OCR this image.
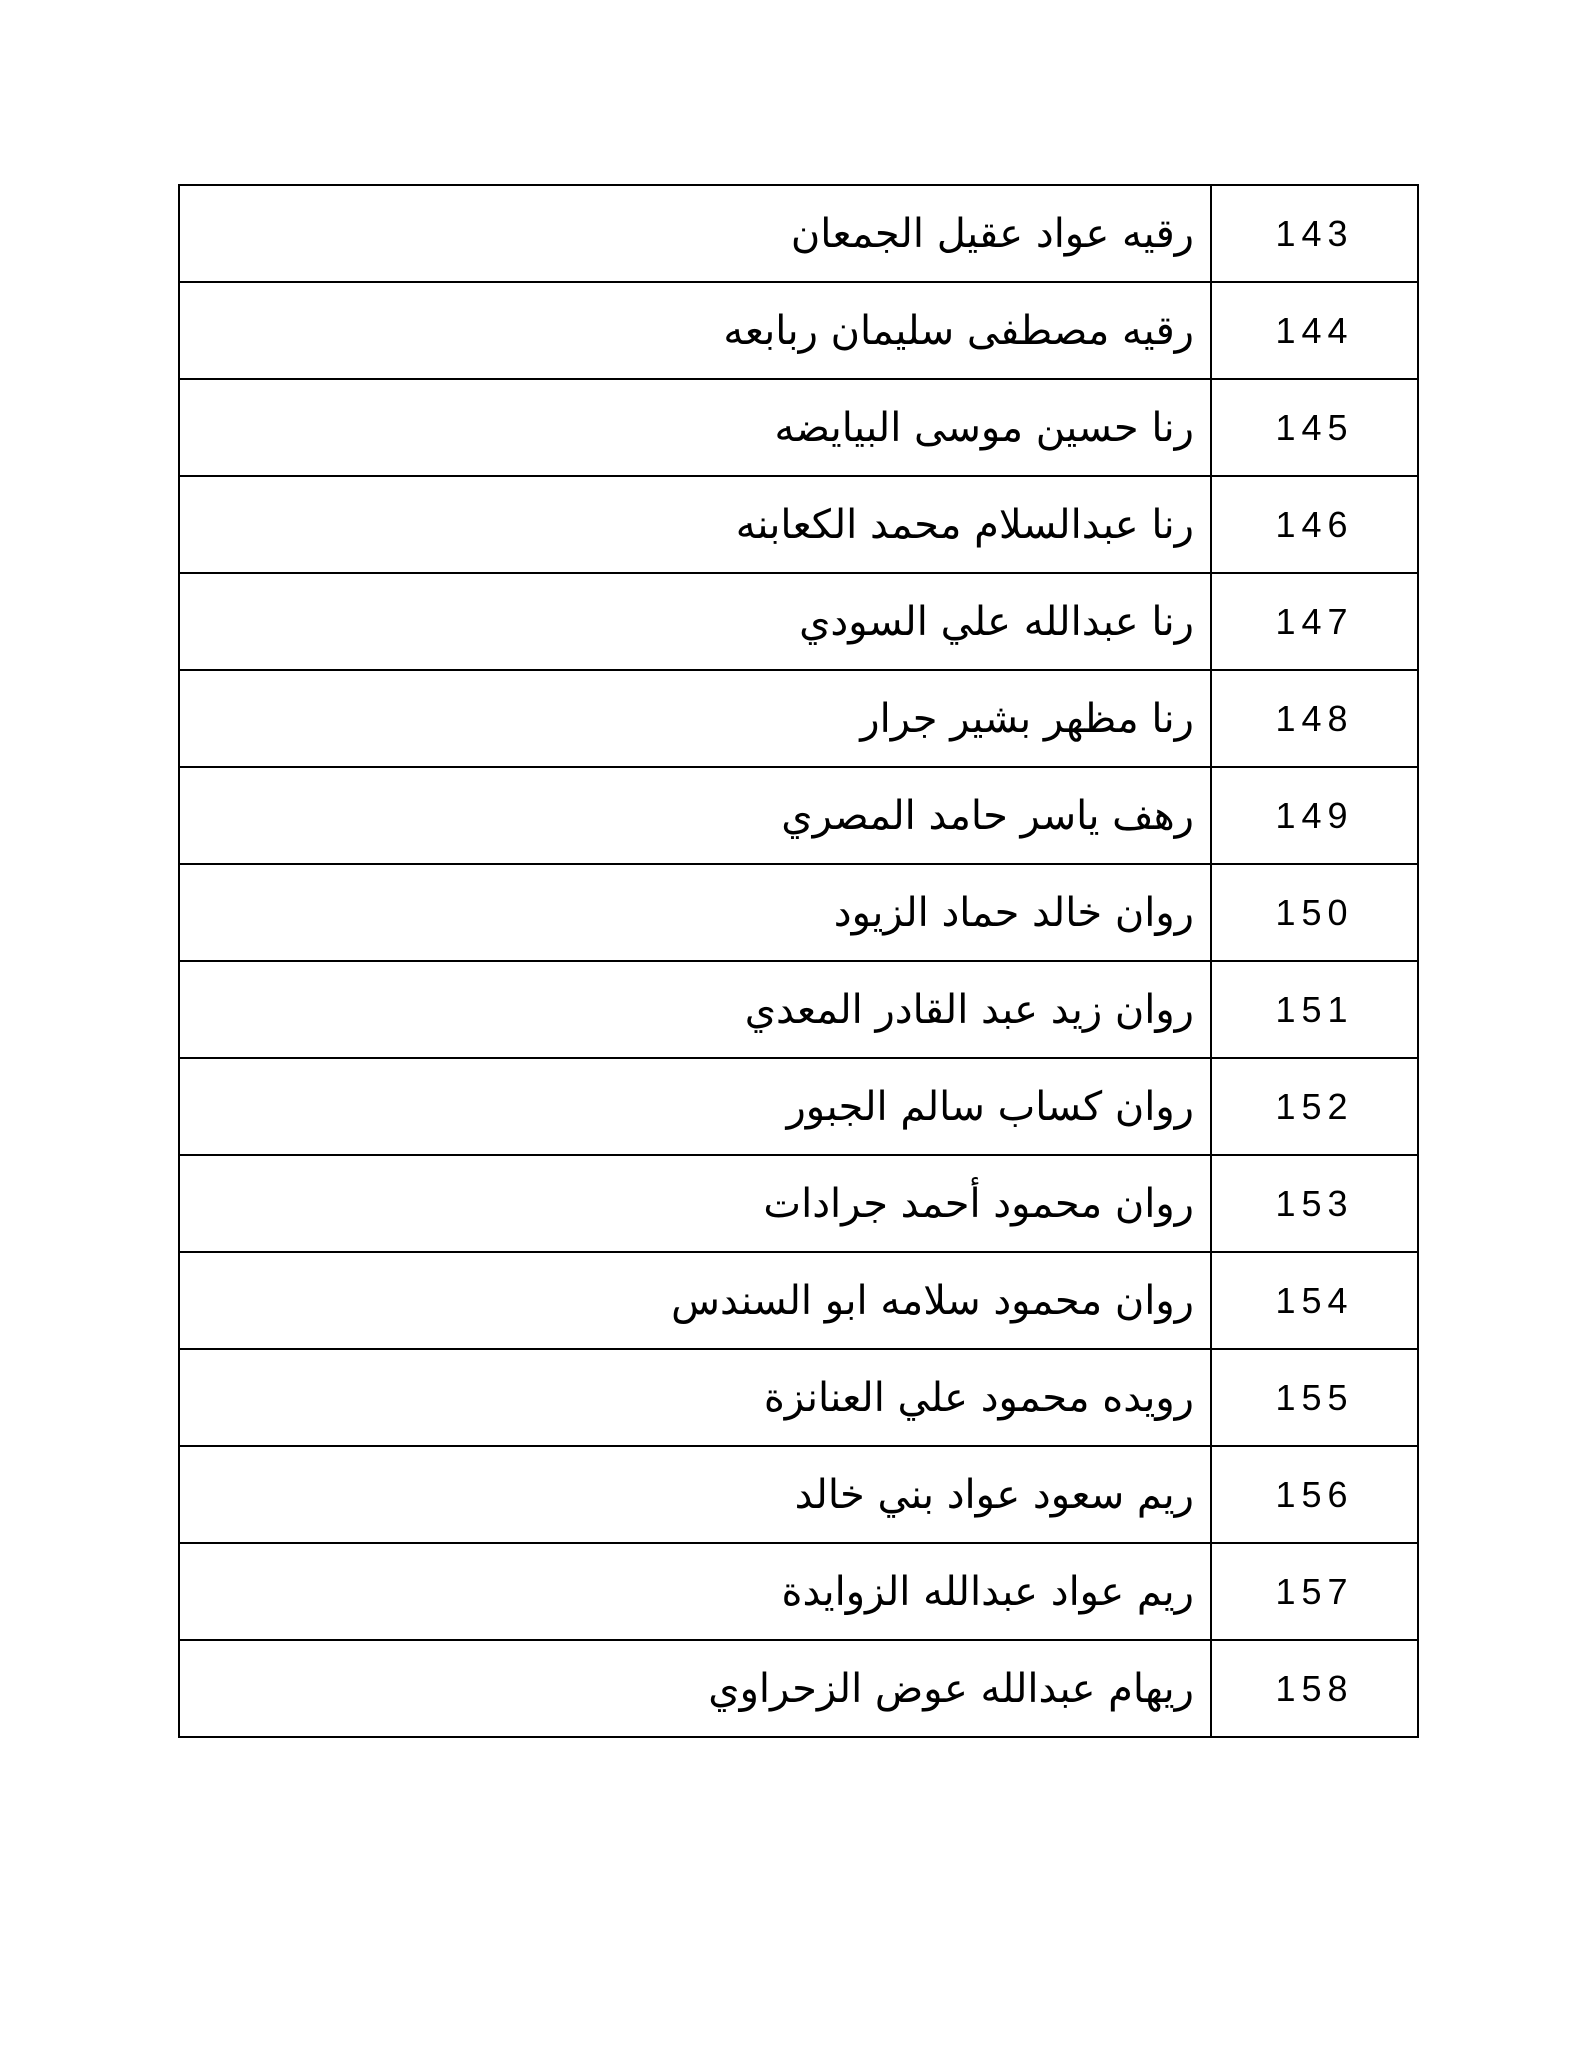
143	رقيه عواد عقيل الجمعان
144	رقيه مصطفى سليمان ربابعه
145	رنا حسين موسى البيايضه
146	رنا عبدالسلام محمد الكعابنه
147	رنا عبدالله علي السودي
148	رنا مظهر بشير جرار
149	رهف ياسر حامد المصري
150	روان خالد حماد الزيود
151	روان زيد عبد القادر المعدي
152	روان كساب سالم الجبور
153	روان محمود أحمد جرادات
154	روان محمود سلامه ابو السندس
155	رويده محمود علي العنانزة
156	ريم سعود عواد بني خالد
157	ريم عواد عبدالله الزوايدة
158	ريهام عبدالله عوض الزحراوي
